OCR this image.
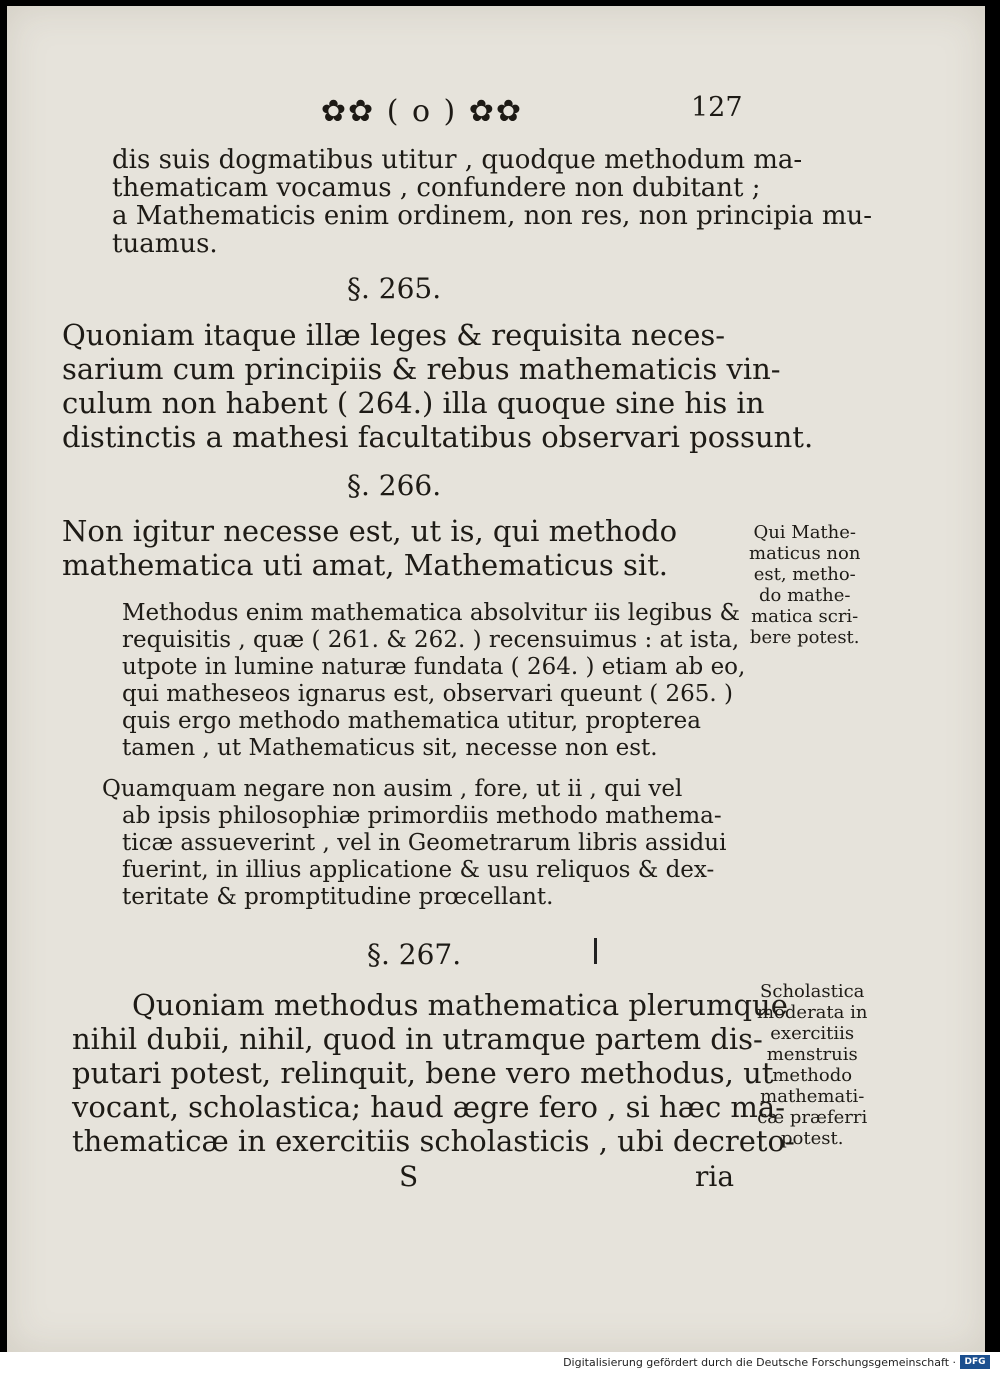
✿✿ ( o ) ✿✿	127
dis suis dogmatibus utitur , quodque methodum ma-
thematicam vocamus , confundere non dubitant ;
a Mathematicis enim ordinem, non res, non principia mu-
tuamus.
§. 265.
Quoniam itaque illæ leges & requisita neces-
sarium cum principiis & rebus mathematicis vin-
culum non habent ( 264.) illa quoque sine his in
distinctis a mathesi facultatibus observari possunt.
§. 266.
Non igitur necesse est, ut is, qui methodo
mathematica uti amat, Mathematicus sit.
Methodus enim mathematica absolvitur iis legibus &
requisitis , quæ ( 261. & 262. ) recensuimus : at ista,
utpote in lumine naturæ fundata ( 264. ) etiam ab eo,
qui matheseos ignarus est, observari queunt ( 265. )
quis ergo methodo mathematica utitur, propterea
tamen , ut Mathematicus sit, necesse non est.
Quamquam negare non ausim , fore, ut ii , qui vel
ab ipsis philosophiæ primordiis methodo mathema-
ticæ assueverint , vel in Geometrarum libris assidui
fuerint, in illius applicatione & usu reliquos & dex-
teritate & promptitudine prœcellant.
Qui Mathe-
maticus non
est, metho-
do mathe-
matica scri-
bere potest.
§. 267.
Quoniam methodus mathematica plerumque
nihil dubii, nihil, quod in utramque partem dis-
putari potest, relinquit, bene vero methodus, ut
vocant, scholastica; haud ægre fero , si hæc ma-
thematicæ in exercitiis scholasticis , ubi decreto-
Scholastica
moderata in
exercitiis
menstruis
methodo
mathemati-
cæ præferri
potest.
S	ria
Digitalisierung gefördert durch die Deutsche Forschungsgemeinschaft · DFG
